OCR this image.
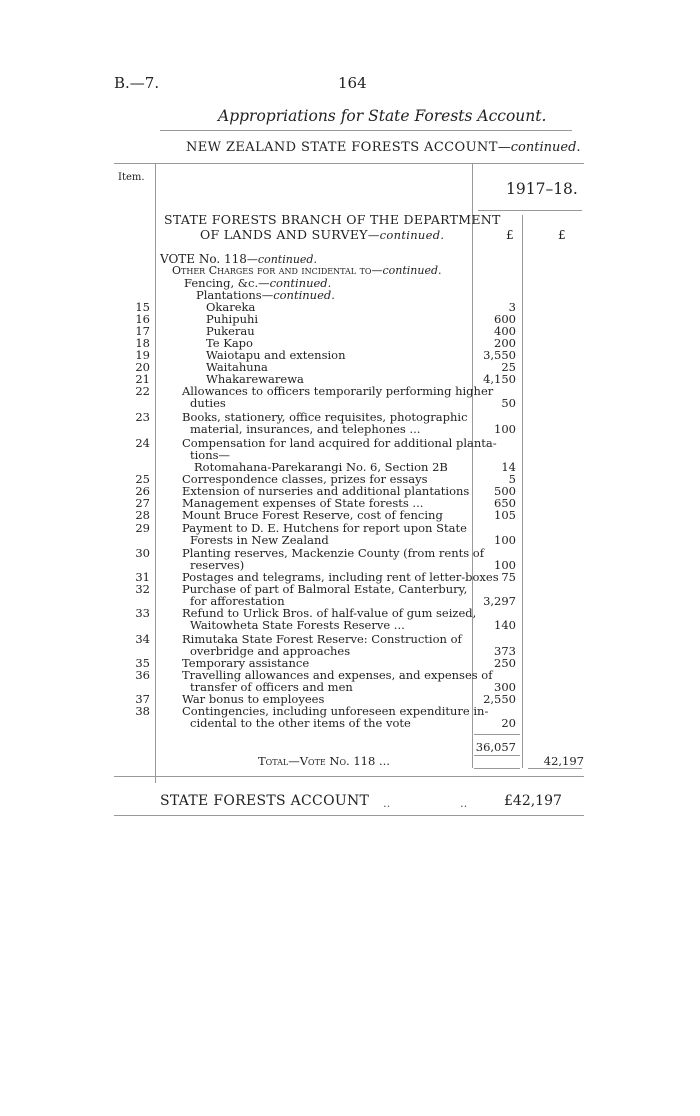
B.—7.	164
Appropriations for State Forests Account.
NEW ZEALAND STATE FORESTS ACCOUNT—continued.
Item.
1917–18.
STATE FORESTS BRANCH OF THE DEPARTMENT
OF LANDS AND SURVEY—continued.	£	£
VOTE No. 118—continued.
Other Charges for and incidental to—continued.
Fencing, &c.—continued.
Plantations—continued.
15	Okareka	3
16	Puhipuhi	600
17	Pukerau	400
18	Te Kapo	200
19	Waiotapu and extension	3,550
20	Waitahuna	25
21	Whakarewarewa	4,150
22	Allowances to officers temporarily performing higher
duties	50
23	Books, stationery, office requisites, photographic
material, insurances, and telephones ...	100
24	Compensation for land acquired for additional planta-
tions—
Rotomahana-Parekarangi No. 6, Section 2B	14
25	Correspondence classes, prizes for essays	5
26	Extension of nurseries and additional plantations	500
27	Management expenses of State forests ...	650
28	Mount Bruce Forest Reserve, cost of fencing	105
29	Payment to D. E. Hutchens for report upon State
Forests in New Zealand	100
30	Planting reserves, Mackenzie County (from rents of
reserves)	100
31	Postages and telegrams, including rent of letter-boxes 75
32	Purchase of part of Balmoral Estate, Canterbury,
for afforestation	3,297
33	Refund to Urlick Bros. of half-value of gum seized,
Waitowheta State Forests Reserve ...	140
34	Rimutaka State Forest Reserve: Construction of
overbridge and approaches	373
35	Temporary assistance	250
36	Travelling allowances and expenses, and expenses of
transfer of officers and men	300
37	War bonus to employees	2,550
38	Contingencies, including unforeseen expenditure in-
cidental to the other items of the vote	20
36,057
Total—Vote No. 118 ...	42,197
STATE FORESTS ACCOUNT ..	..	£42,197
